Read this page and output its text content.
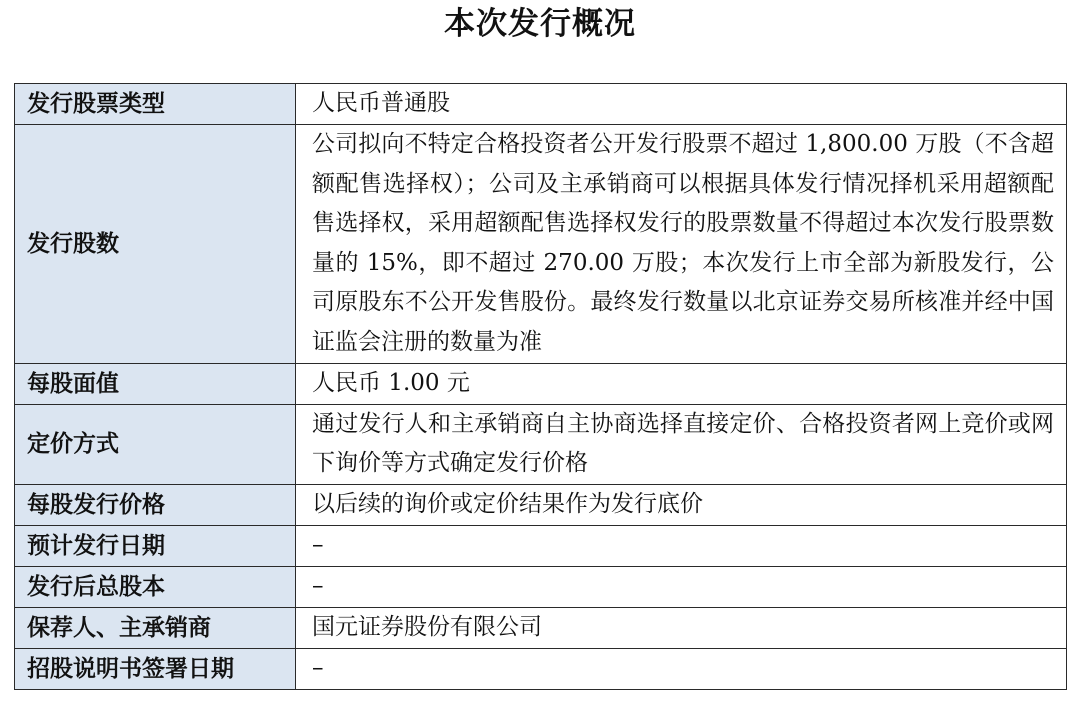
本次发行概况
发行股票类型	人民币普通股
发行股数	公司拟向不特定合格投资者公开发行股票不超过 1,800.00 万股（不含超额配售选择权）；公司及主承销商可以根据具体发行情况择机采用超额配售选择权，采用超额配售选择权发行的股票数量不得超过本次发行股票数量的 15%，即不超过 270.00 万股；本次发行上市全部为新股发行，公司原股东不公开发售股份。最终发行数量以北京证券交易所核准并经中国证监会注册的数量为准
每股面值	人民币 1.00 元
定价方式	通过发行人和主承销商自主协商选择直接定价、合格投资者网上竞价或网下询价等方式确定发行价格
每股发行价格	以后续的询价或定价结果作为发行底价
预计发行日期	–
发行后总股本	–
保荐人、主承销商	国元证券股份有限公司
招股说明书签署日期	–
